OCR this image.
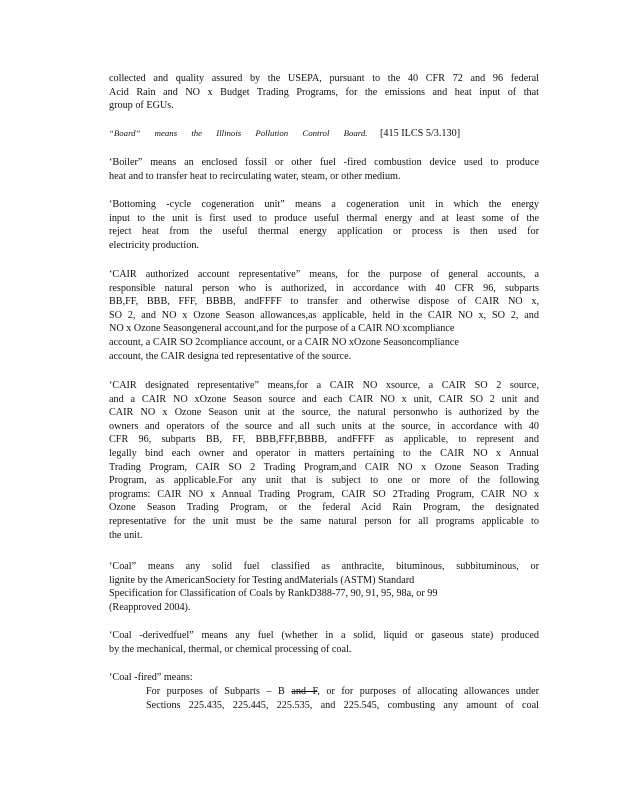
collected and quality assured by the USEPA, pursuant to the 40 CFR 72 and 96 federal
Acid Rain and NO x Budget Trading Programs, for the emissions and heat input of that
group of EGUs.
“Board” means the Illinois Pollution Control Board. [415 ILCS 5/3.130]
‘Boiler” means an enclosed fossil or other fuel -fired combustion device used to produce
heat and to transfer heat to recirculating water, steam, or other medium.
‘Bottoming -cycle cogeneration unit” means a cogeneration unit in which the energy
input to the unit is first used to produce useful thermal energy and at least some of the
reject heat from the useful thermal energy application or process is then used for
electricity production.
‘CAIR authorized account representative” means, for the purpose of general accounts, a
responsible natural person who is authorized, in accordance with 40 CFR 96, subparts
BB,FF, BBB, FFF, BBBB, andFFFF to transfer and otherwise dispose of CAIR NO x,
SO 2, and NO x Ozone Season allowances,as applicable, held in the CAIR NO x, SO 2, and
NO x Ozone Seasongeneral account,and for the purpose of a CAIR NO xcompliance
account, a CAIR SO 2compliance account, or a CAIR NO xOzone Seasoncompliance
account, the CAIR designa ted representative of the source.
‘CAIR designated representative” means,for a CAIR NO xsource, a CAIR SO 2 source,
and a CAIR NO xOzone Season source and each CAIR NO x unit, CAIR SO 2 unit and
CAIR NO x Ozone Season unit at the source, the natural personwho is authorized by the
owners and operators of the source and all such units at the source, in accordance with 40
CFR 96, subparts BB, FF, BBB,FFF,BBBB, andFFFF as applicable, to represent and
legally bind each owner and operator in matters pertaining to the CAIR NO x Annual
Trading Program, CAIR SO 2 Trading Program,and CAIR NO x Ozone Season Trading
Program, as applicable.For any unit that is subject to one or more of the following
programs: CAIR NO x Annual Trading Program, CAIR SO 2Trading Program, CAIR NO x
Ozone Season Trading Program, or the federal Acid Rain Program, the designated
representative for the unit must be the same natural person for all programs applicable to
the unit.
‘Coal” means any solid fuel classified as anthracite, bituminous, subbituminous, or
lignite by the AmericanSociety for Testing andMaterials (ASTM) Standard
Specification for Classification of Coals by RankD388-77, 90, 91, 95, 98a, or 99
(Reapproved 2004).
‘Coal -derivedfuel” means any fuel (whether in a solid, liquid or gaseous state) produced
by the mechanical, thermal, or chemical processing of coal.
‘Coal -fired” means:
For purposes of Subparts – B and F, or for purposes of allocating allowances under
Sections 225.435, 225.445, 225.535, and 225.545, combusting any amount of coal
